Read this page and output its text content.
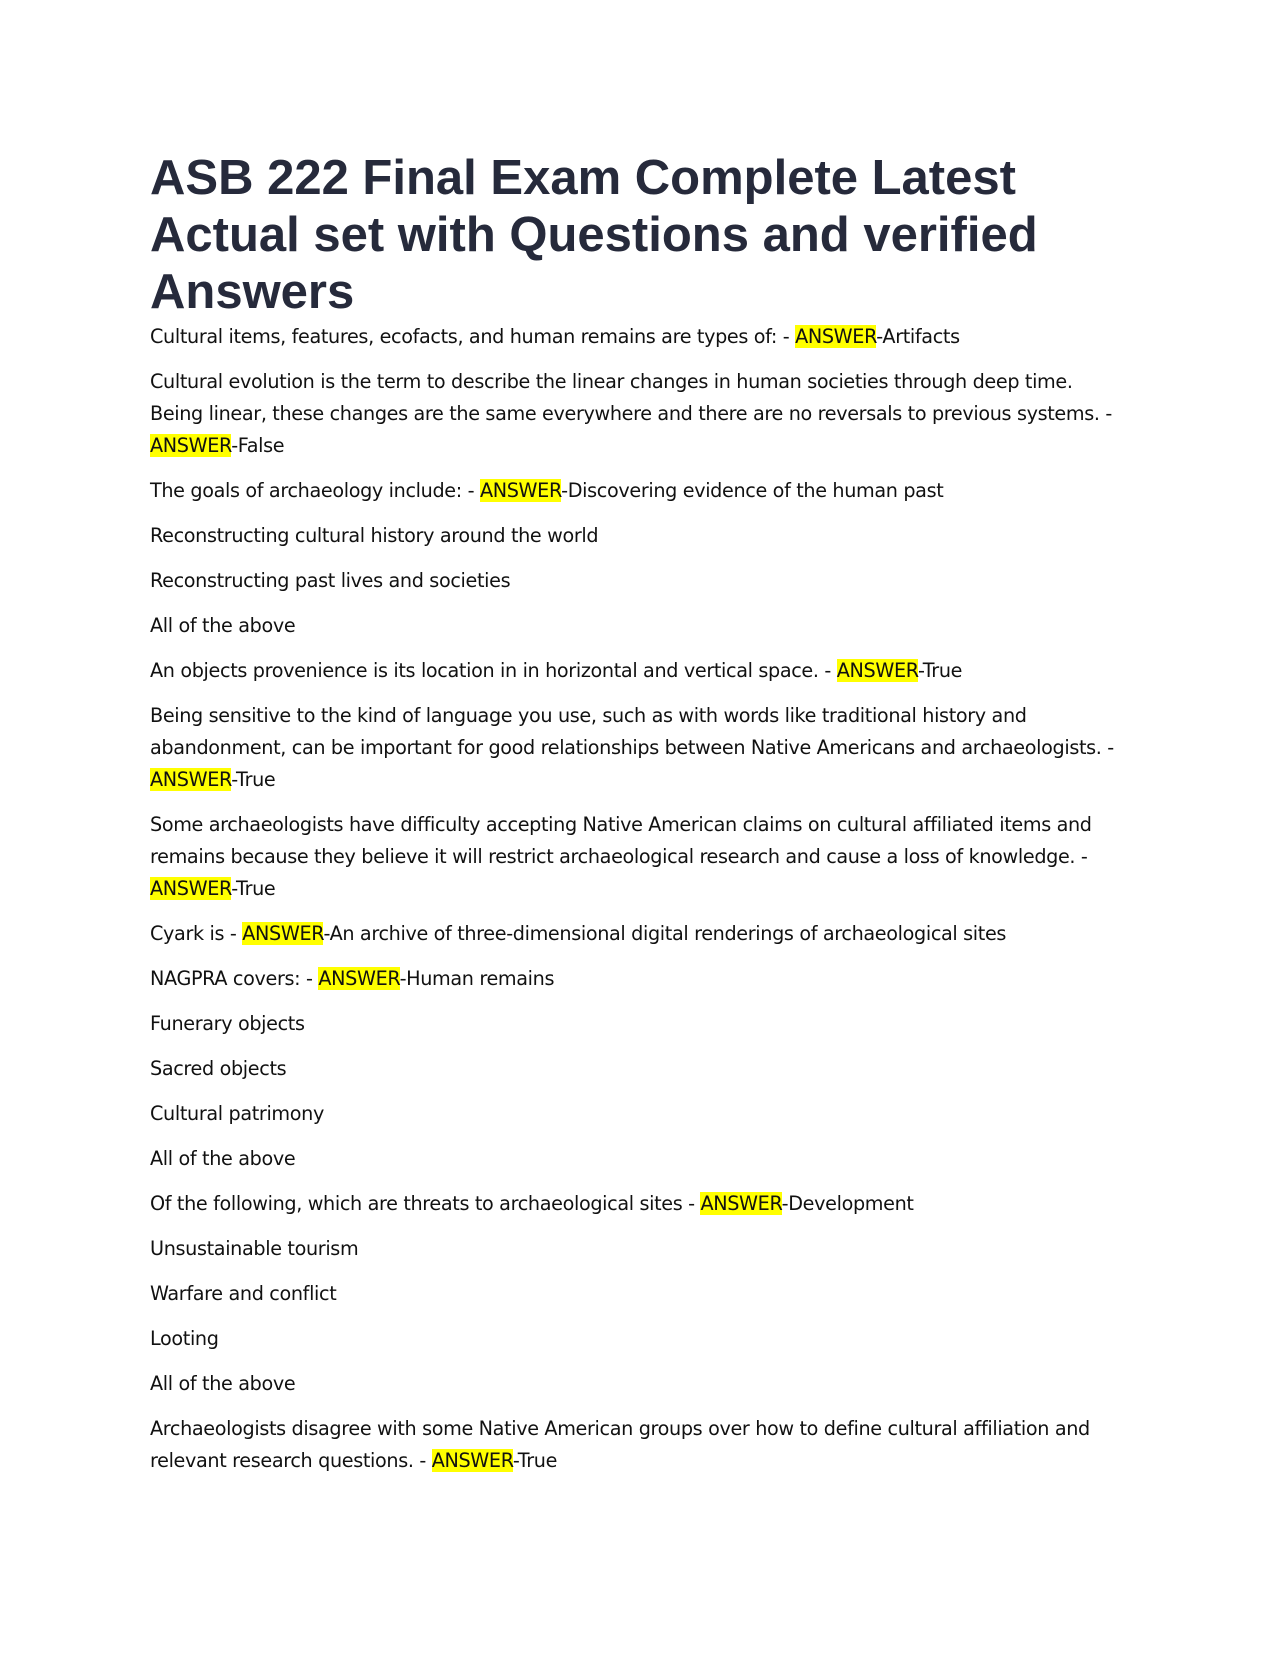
ASB 222 Final Exam Complete Latest Actual set with Questions and verified Answers

Cultural items, features, ecofacts, and human remains are types of: - ANSWER-Artifacts

Cultural evolution is the term to describe the linear changes in human societies through deep time. Being linear, these changes are the same everywhere and there are no reversals to previous systems. - ANSWER-False

The goals of archaeology include: - ANSWER-Discovering evidence of the human past

Reconstructing cultural history around the world

Reconstructing past lives and societies

All of the above

An objects provenience is its location in in horizontal and vertical space. - ANSWER-True

Being sensitive to the kind of language you use, such as with words like traditional history and abandonment, can be important for good relationships between Native Americans and archaeologists. - ANSWER-True

Some archaeologists have difficulty accepting Native American claims on cultural affiliated items and remains because they believe it will restrict archaeological research and cause a loss of knowledge. - ANSWER-True

Cyark is - ANSWER-An archive of three-dimensional digital renderings of archaeological sites

NAGPRA covers: - ANSWER-Human remains

Funerary objects

Sacred objects

Cultural patrimony

All of the above

Of the following, which are threats to archaeological sites - ANSWER-Development

Unsustainable tourism

Warfare and conflict

Looting

All of the above

Archaeologists disagree with some Native American groups over how to define cultural affiliation and relevant research questions. - ANSWER-True
